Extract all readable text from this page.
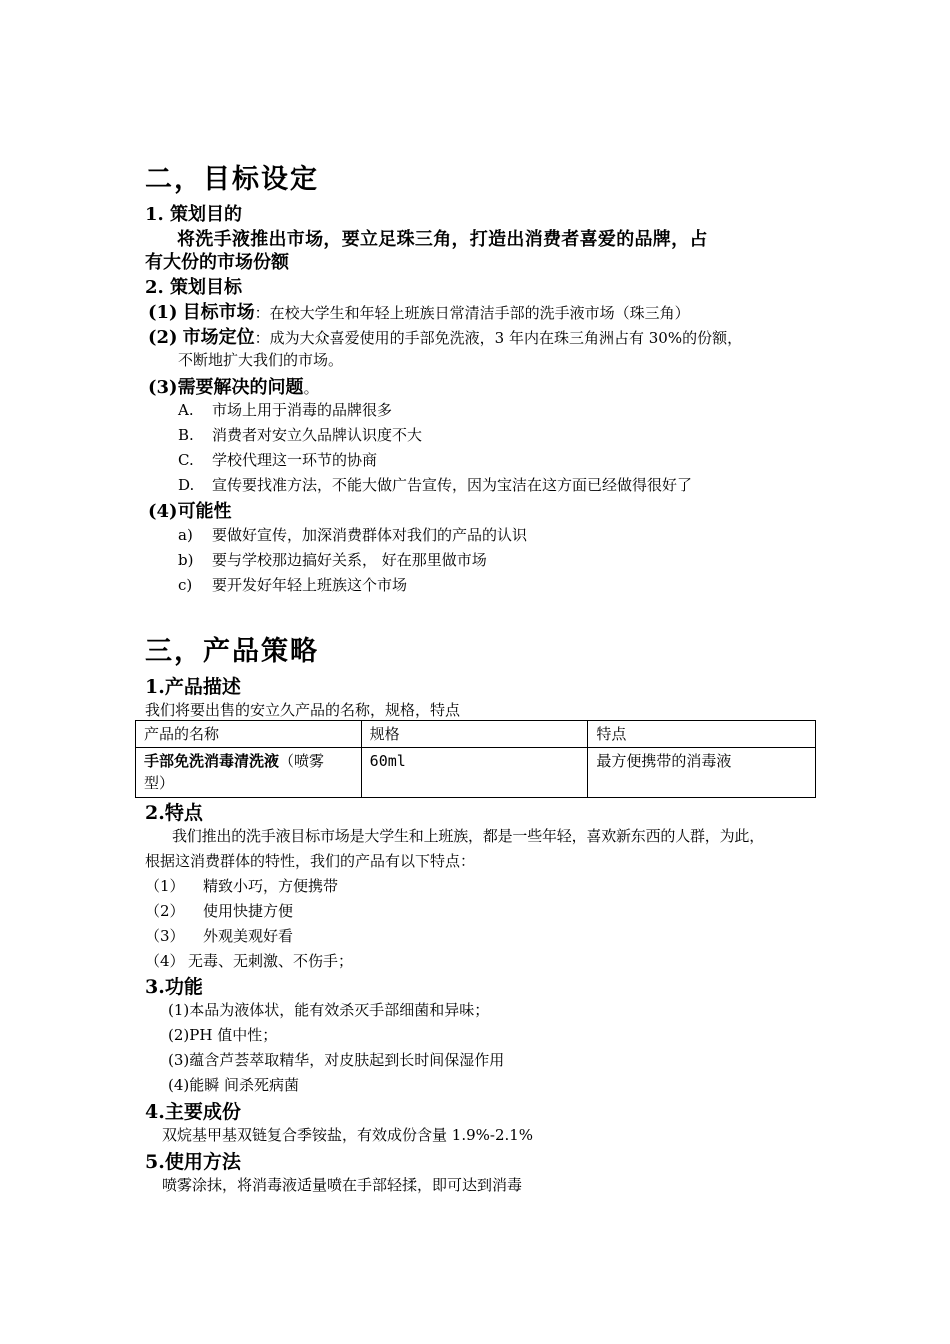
二，目标设定
1. 策划目的
将洗手液推出市场，要立足珠三角，打造出消费者喜爱的品牌，占
有大份的市场份额
2. 策划目标
(1) 目标市场：在校大学生和年轻上班族日常清洁手部的洗手液市场（珠三角）
(2) 市场定位：成为大众喜爱使用的手部免洗液，3 年内在珠三角洲占有 30%的份额，
不断地扩大我们的市场。
(3)需要解决的问题。
A. 市场上用于消毒的品牌很多
B. 消费者对安立久品牌认识度不大
C. 学校代理这一环节的协商
D. 宣传要找准方法，不能大做广告宣传，因为宝洁在这方面已经做得很好了
(4)可能性
a) 要做好宣传，加深消费群体对我们的产品的认识
b) 要与学校那边搞好关系， 好在那里做市场
c) 要开发好年轻上班族这个市场
三，产品策略
1.产品描述
我们将要出售的安立久产品的名称，规格，特点
产品的名称	规格	特点
手部免洗消毒清洗液（喷雾
型）	60ml	最方便携带的消毒液
2.特点
我们推出的洗手液目标市场是大学生和上班族，都是一些年轻，喜欢新东西的人群，为此，
根据这消费群体的特性，我们的产品有以下特点：
（1） 精致小巧，方便携带
（2） 使用快捷方便
（3） 外观美观好看
（4） 无毒、无刺激、不伤手；
3.功能
(1)本品为液体状，能有效杀灭手部细菌和异味；
(2)PH 值中性；
(3)蕴含芦荟萃取精华，对皮肤起到长时间保湿作用
(4)能瞬 间杀死病菌
4.主要成份
双烷基甲基双链复合季铵盐，有效成份含量 1.9%-2.1%
5.使用方法
喷雾涂抹，将消毒液适量喷在手部轻揉，即可达到消毒
